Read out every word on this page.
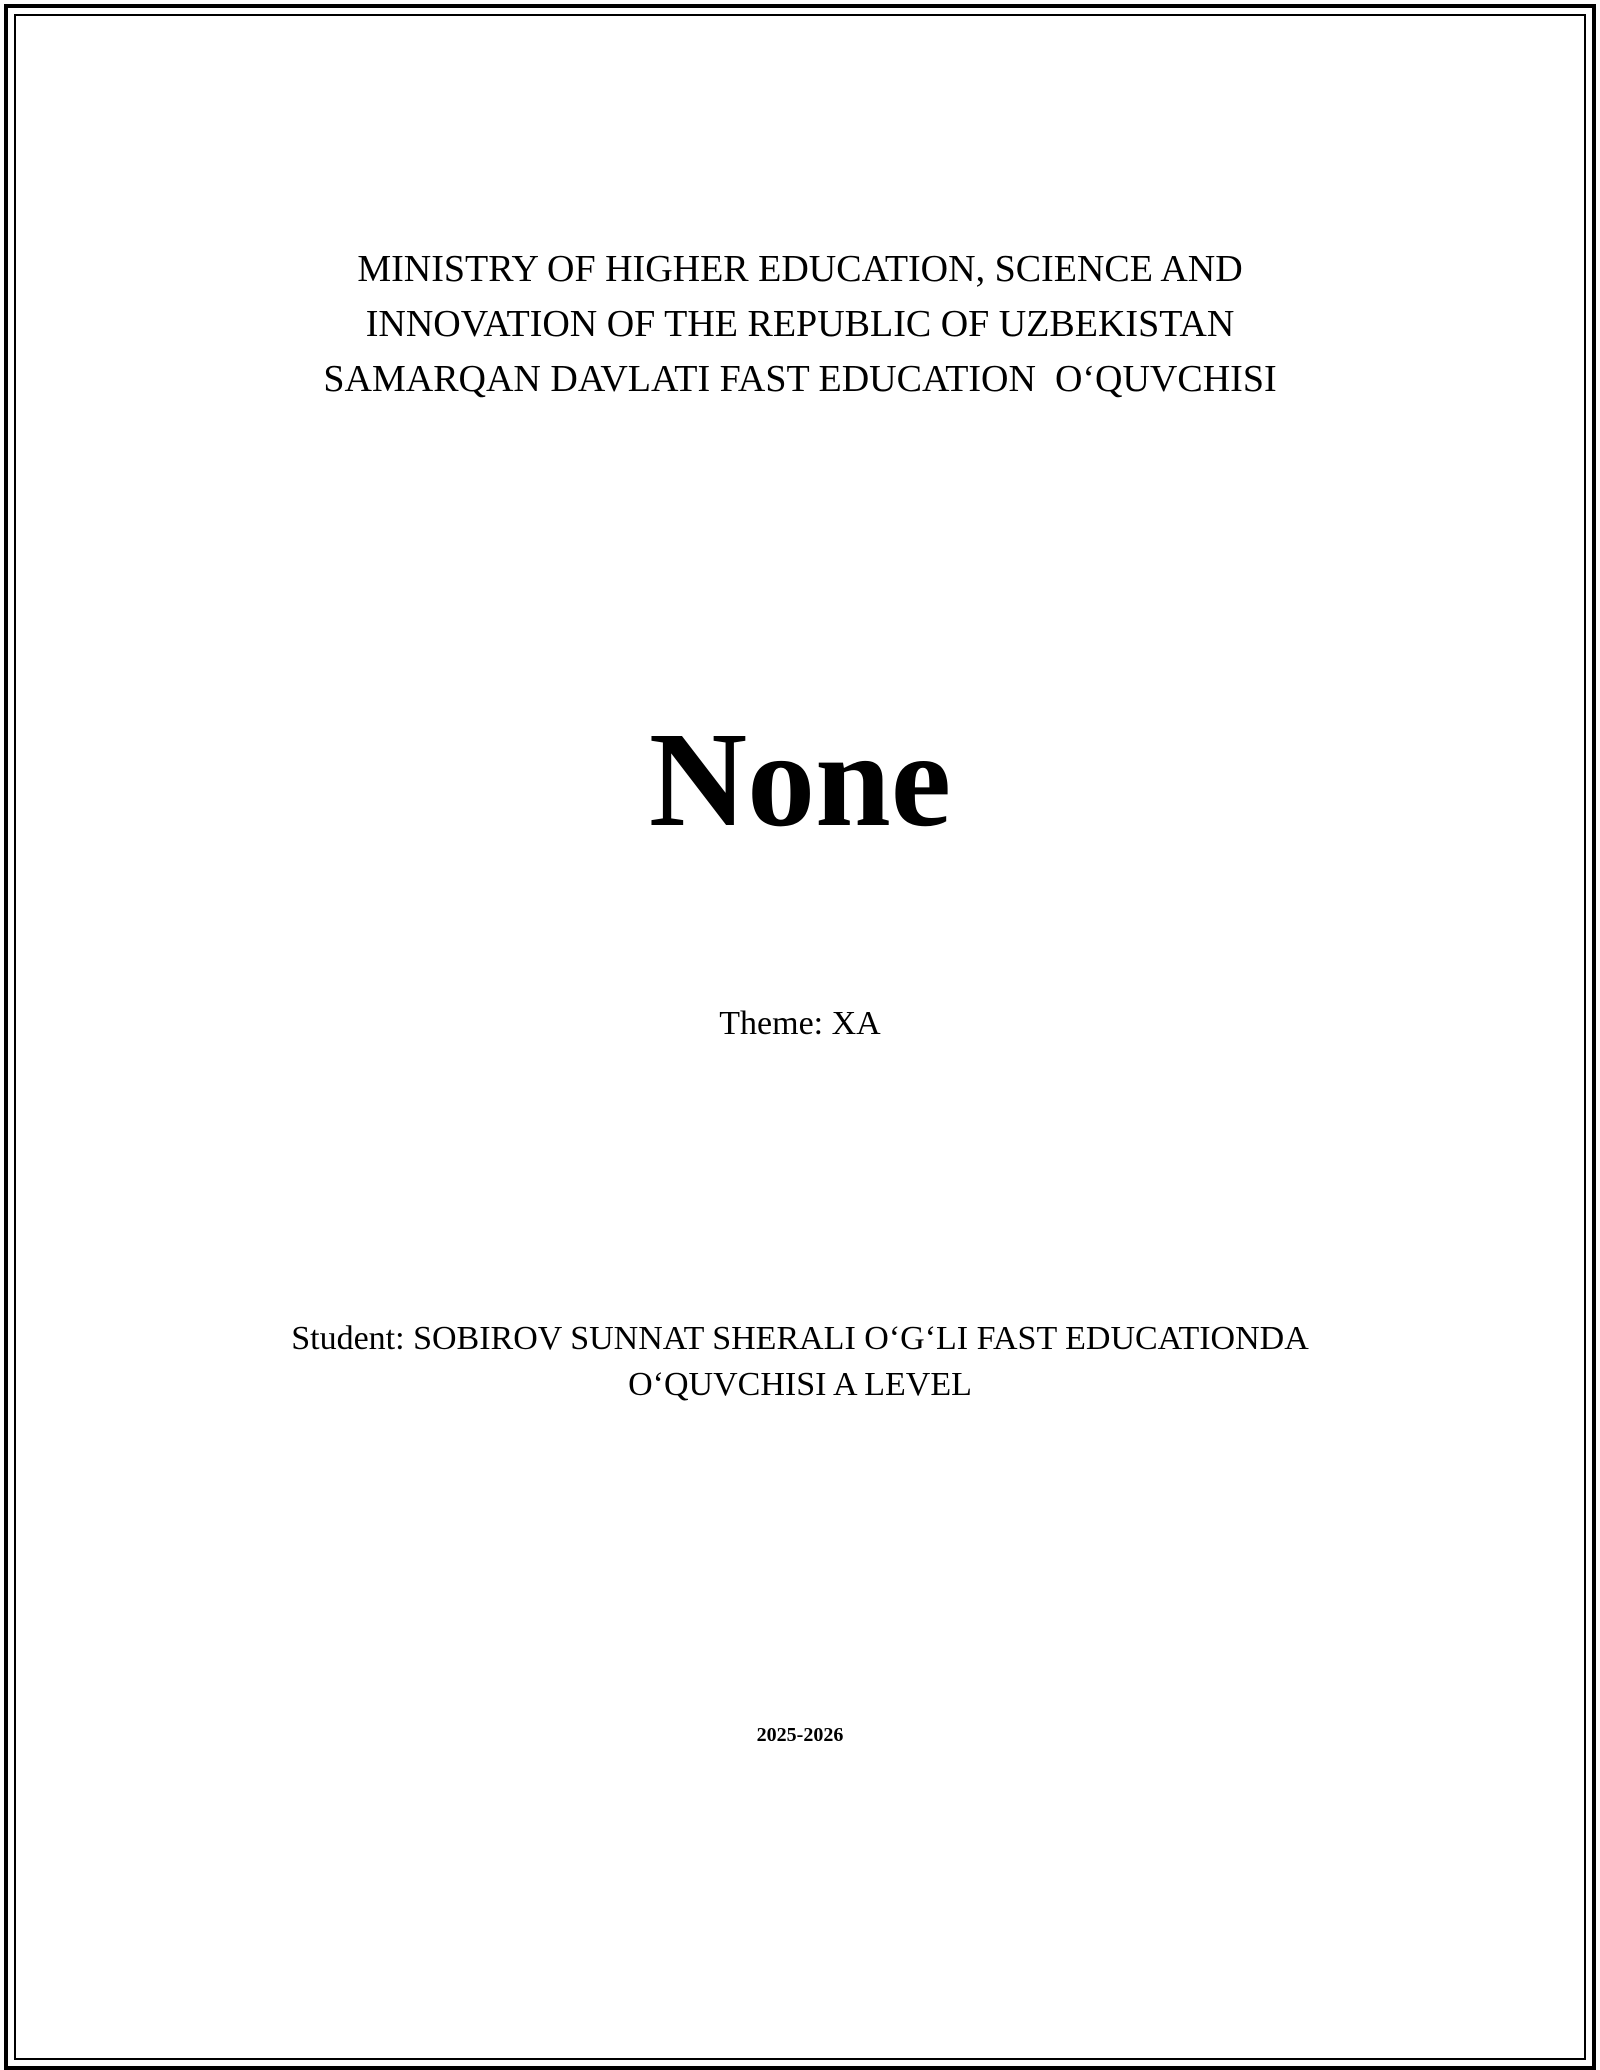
MINISTRY OF HIGHER EDUCATION, SCIENCE AND
INNOVATION OF THE REPUBLIC OF UZBEKISTAN
SAMARQAN DAVLATI FAST EDUCATION  O‘QUVCHISI
None
Theme: XA
Student: SOBIROV SUNNAT SHERALI O‘G‘LI FAST EDUCATIONDA
O‘QUVCHISI A LEVEL
2025-2026
